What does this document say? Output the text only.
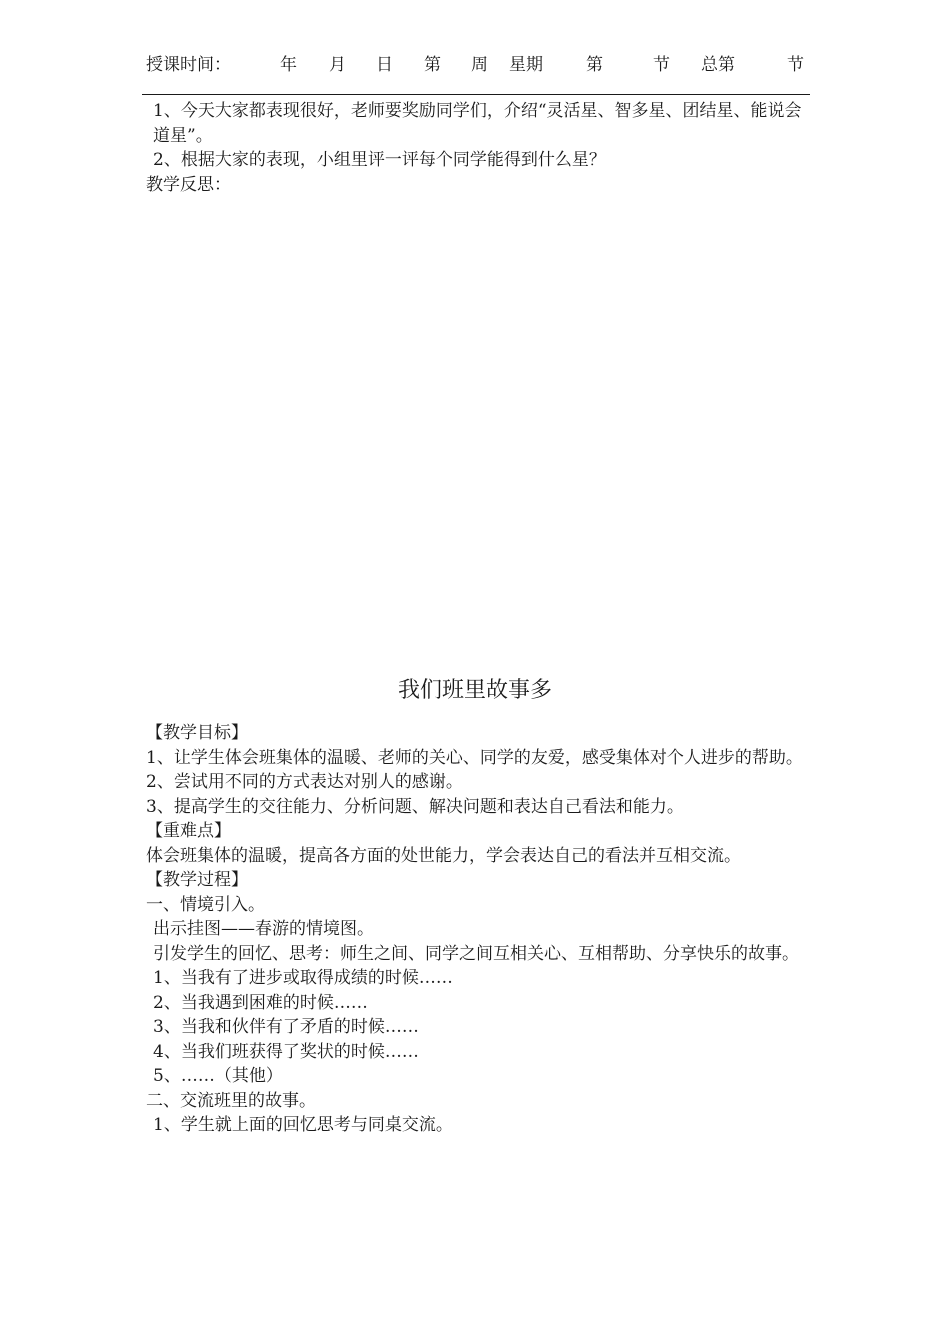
授课时间：	年 月 日 第 周 星期	第	节 总第	节

1、今天大家都表现很好，老师要奖励同学们，介绍“灵活星、智多星、团结星、能说会道星”。

2、根据大家的表现，小组里评一评每个同学能得到什么星？

教学反思：

我们班里故事多

【教学目标】

1、让学生体会班集体的温暖、老师的关心、同学的友爱，感受集体对个人进步的帮助。

2、尝试用不同的方式表达对别人的感谢。

3、提高学生的交往能力、分析问题、解决问题和表达自己看法和能力。

【重难点】

体会班集体的温暖，提高各方面的处世能力，学会表达自己的看法并互相交流。

【教学过程】

一、情境引入。

出示挂图——春游的情境图。

引发学生的回忆、思考：师生之间、同学之间互相关心、互相帮助、分享快乐的故事。

1、当我有了进步或取得成绩的时候……

2、当我遇到困难的时候……

3、当我和伙伴有了矛盾的时候……

4、当我们班获得了奖状的时候……

5、……（其他）

二、交流班里的故事。

1、学生就上面的回忆思考与同桌交流。
